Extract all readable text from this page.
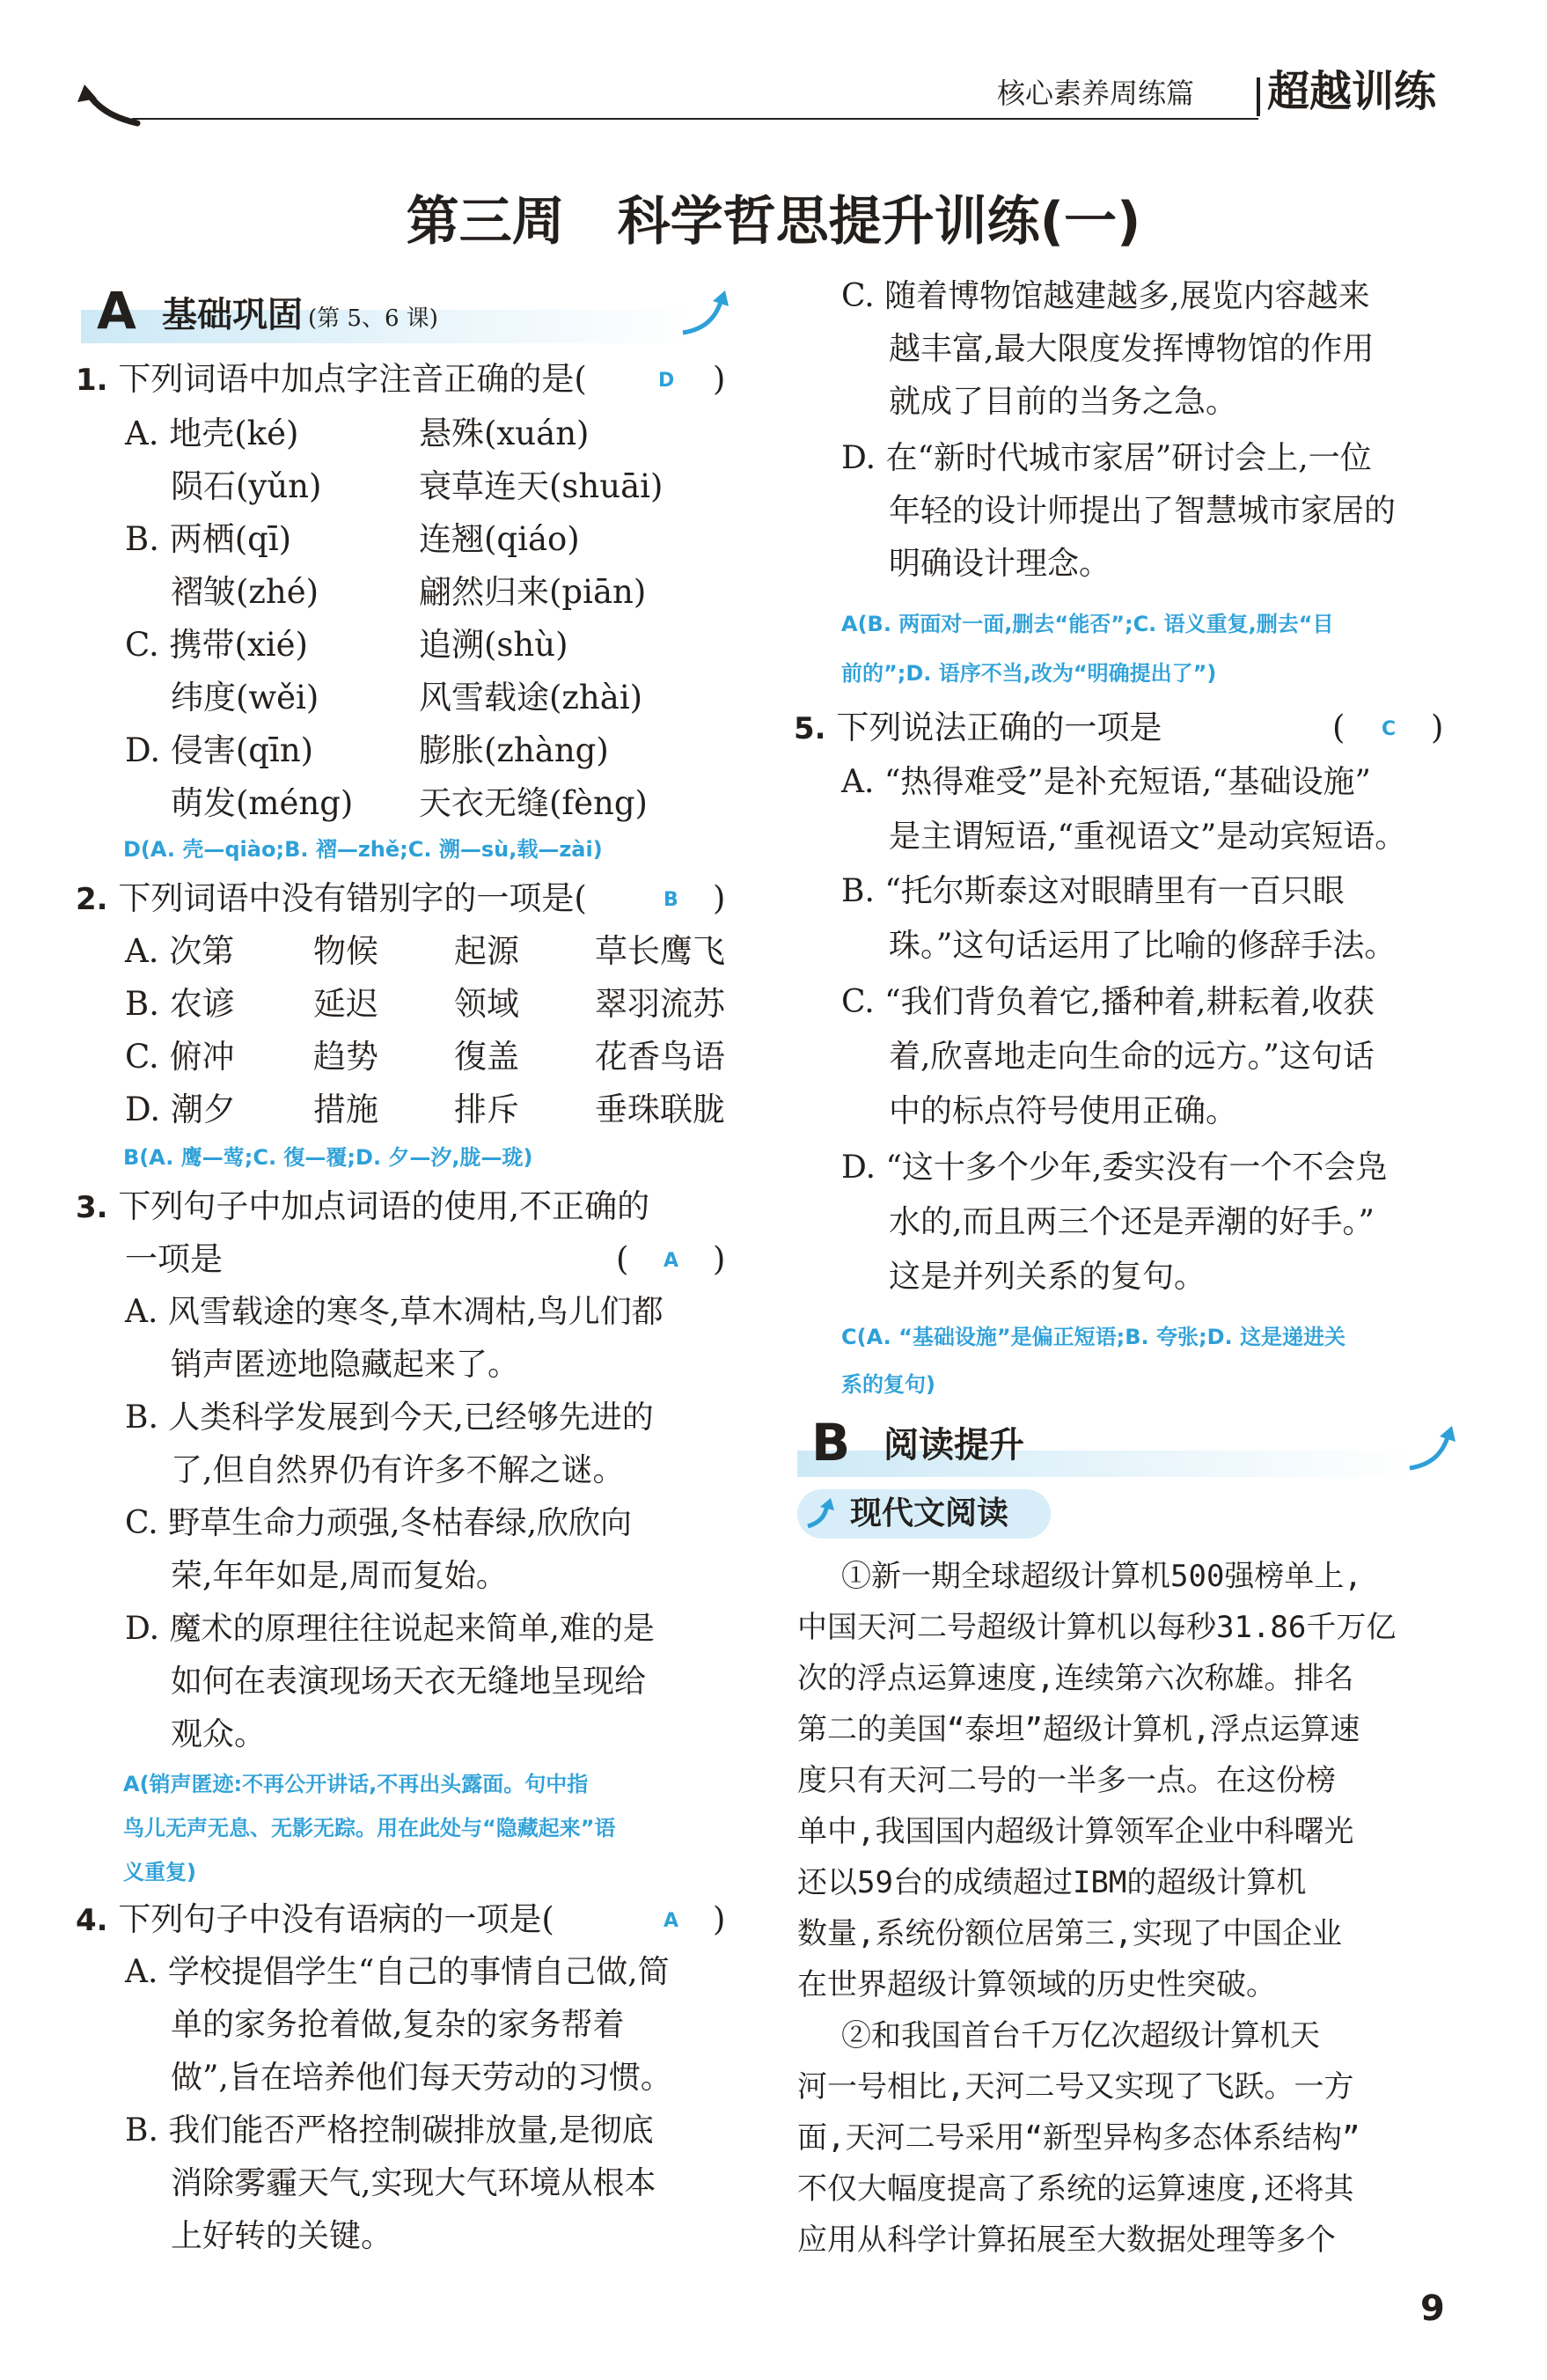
核心素养周练篇 超越训练
第三周　科学哲思提升训练(一)
A 基础巩固 (第 5、6 课)
1. 下列词语中加点字注音正确的是(	D )
A. 地壳(ké)	悬殊(xuán)
陨石(yǔn)	衰草连天(shuāi)
B. 两栖(qī)	连翘(qiáo)
褶皱(zhé)	翩然归来(piān)
C. 携带(xié)	追溯(shù)
纬度(wěi)	风雪载途(zhài)
D. 侵害(qīn)	膨胀(zhàng)
萌发(méng) 天衣无缝(fèng)
D(A. 壳—qiào;B. 褶—zhě;C. 溯—sù,载—zài)
2. 下列词语中没有错别字的一项是(	B )
A. 次第 物候 起源 草长鹰飞
B. 农谚 延迟 领域 翠羽流苏
C. 俯冲 趋势 復盖 花香鸟语
D. 潮夕 措施 排斥 垂珠联胧
B(A. 鹰—莺;C. 復—覆;D. 夕—汐,胧—珑)
3. 下列句子中加点词语的使用,不正确的
一项是	( A )
A. 风雪载途的寒冬,草木凋枯,鸟儿们都
销声匿迹地隐藏起来了。
B. 人类科学发展到今天,已经够先进的
了,但自然界仍有许多不解之谜。
C. 野草生命力顽强,冬枯春绿,欣欣向
荣,年年如是,周而复始。
D. 魔术的原理往往说起来简单,难的是
如何在表演现场天衣无缝地呈现给
观众。
A(销声匿迹:不再公开讲话,不再出头露面。句中指
鸟儿无声无息、无影无踪。用在此处与“隐藏起来”语
义重复)
4. 下列句子中没有语病的一项是(	A )
A. 学校提倡学生“自己的事情自己做,简
单的家务抢着做,复杂的家务帮着
做”,旨在培养他们每天劳动的习惯。
B. 我们能否严格控制碳排放量,是彻底
消除雾霾天气,实现大气环境从根本
上好转的关键。
C. 随着博物馆越建越多,展览内容越来
越丰富,最大限度发挥博物馆的作用
就成了目前的当务之急。
D. 在“新时代城市家居”研讨会上,一位
年轻的设计师提出了智慧城市家居的
明确设计理念。
A(B. 两面对一面,删去“能否”;C. 语义重复,删去“目
前的”;D. 语序不当,改为“明确提出了”)
5. 下列说法正确的一项是	( C )
A. “热得难受”是补充短语,“基础设施”
是主谓短语,“重视语文”是动宾短语。
B. “托尔斯泰这对眼睛里有一百只眼
珠。”这句话运用了比喻的修辞手法。
C. “我们背负着它,播种着,耕耘着,收获
着,欣喜地走向生命的远方。”这句话
中的标点符号使用正确。
D. “这十多个少年,委实没有一个不会凫
水的,而且两三个还是弄潮的好手。”
这是并列关系的复句。
C(A. “基础设施”是偏正短语;B. 夸张;D. 这是递进关
系的复句)
B 阅读提升
现代文阅读
①新一期全球超级计算机500强榜单上,
中国天河二号超级计算机以每秒31.86千万亿
次的浮点运算速度,连续第六次称雄。排名
第二的美国“泰坦”超级计算机,浮点运算速
度只有天河二号的一半多一点。在这份榜
单中,我国国内超级计算领军企业中科曙光
还以59台的成绩超过IBM的超级计算机
数量,系统份额位居第三,实现了中国企业
在世界超级计算领域的历史性突破。
②和我国首台千万亿次超级计算机天
河一号相比,天河二号又实现了飞跃。一方
面,天河二号采用“新型异构多态体系结构”
不仅大幅度提高了系统的运算速度,还将其
应用从科学计算拓展至大数据处理等多个
9
